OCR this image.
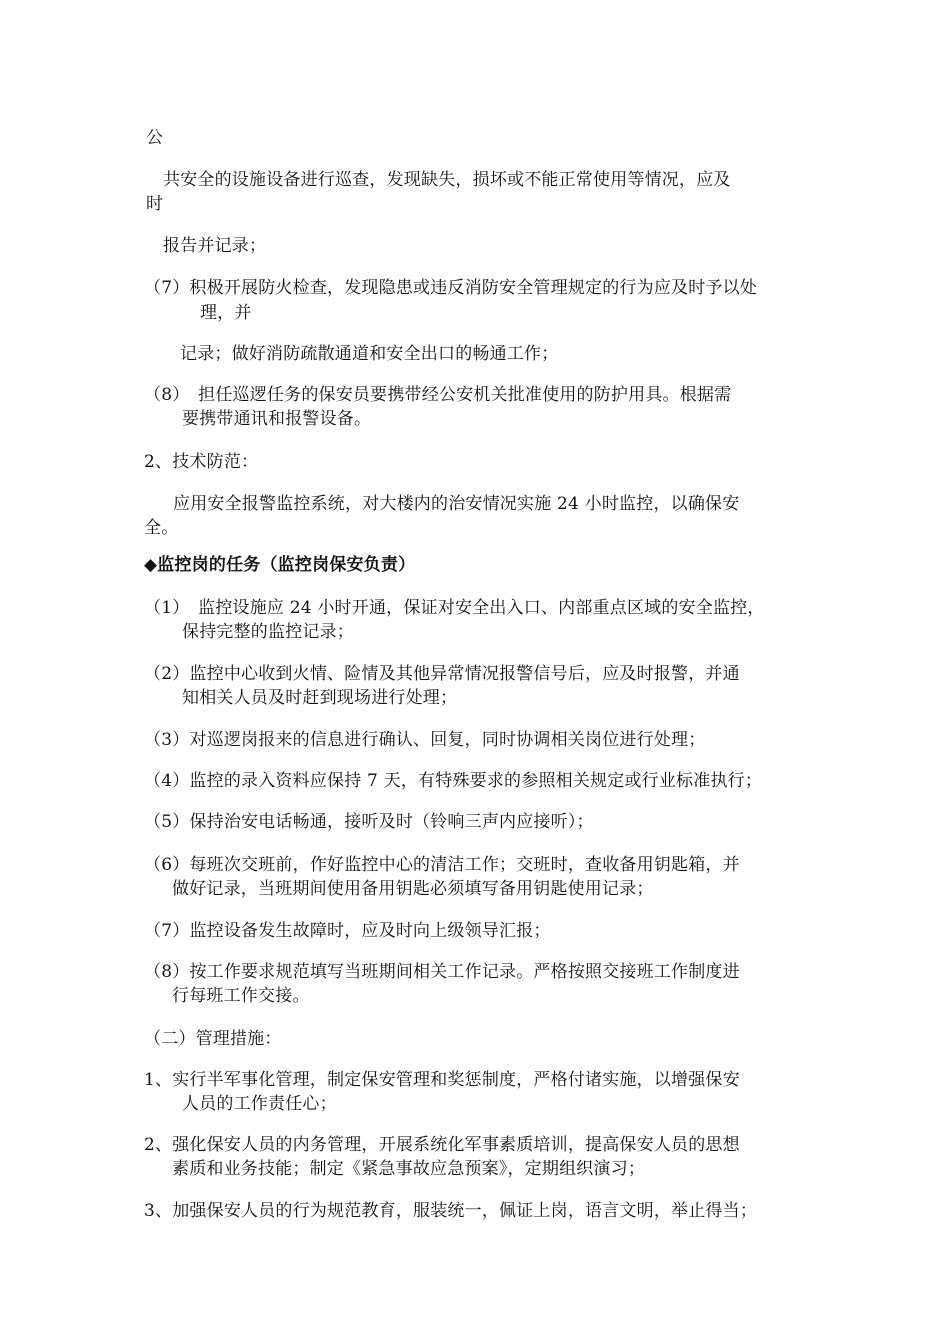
公
共安全的设施设备进行巡查，发现缺失，损坏或不能正常使用等情况，应及
时
报告并记录；
（7）积极开展防火检查，发现隐患或违反消防安全管理规定的行为应及时予以处
理，并
记录；做好消防疏散通道和安全出口的畅通工作；
（8）　担任巡逻任务的保安员要携带经公安机关批准使用的防护用具。根据需
要携带通讯和报警设备。
2、技术防范：
应用安全报警监控系统，对大楼内的治安情况实施 24 小时监控，以确保安
全。
◆监控岗的任务（监控岗保安负责）
（1）　监控设施应 24 小时开通，保证对安全出入口、内部重点区域的安全监控，
保持完整的监控记录；
（2）监控中心收到火情、险情及其他异常情况报警信号后，应及时报警，并通
知相关人员及时赶到现场进行处理；
（3）对巡逻岗报来的信息进行确认、回复，同时协调相关岗位进行处理；
（4）监控的录入资料应保持 7 天，有特殊要求的参照相关规定或行业标准执行；
（5）保持治安电话畅通，接听及时（铃响三声内应接听）；
（6）每班次交班前，作好监控中心的清洁工作；交班时，查收备用钥匙箱，并
做好记录，当班期间使用备用钥匙必须填写备用钥匙使用记录；
（7）监控设备发生故障时，应及时向上级领导汇报；
（8）按工作要求规范填写当班期间相关工作记录。严格按照交接班工作制度进
行每班工作交接。
（二）管理措施：
1、实行半军事化管理，制定保安管理和奖惩制度，严格付诸实施，以增强保安
人员的工作责任心；
2、强化保安人员的内务管理，开展系统化军事素质培训，提高保安人员的思想
素质和业务技能；制定《紧急事故应急预案》，定期组织演习；
3、加强保安人员的行为规范教育，服装统一，佩证上岗，语言文明，举止得当；
